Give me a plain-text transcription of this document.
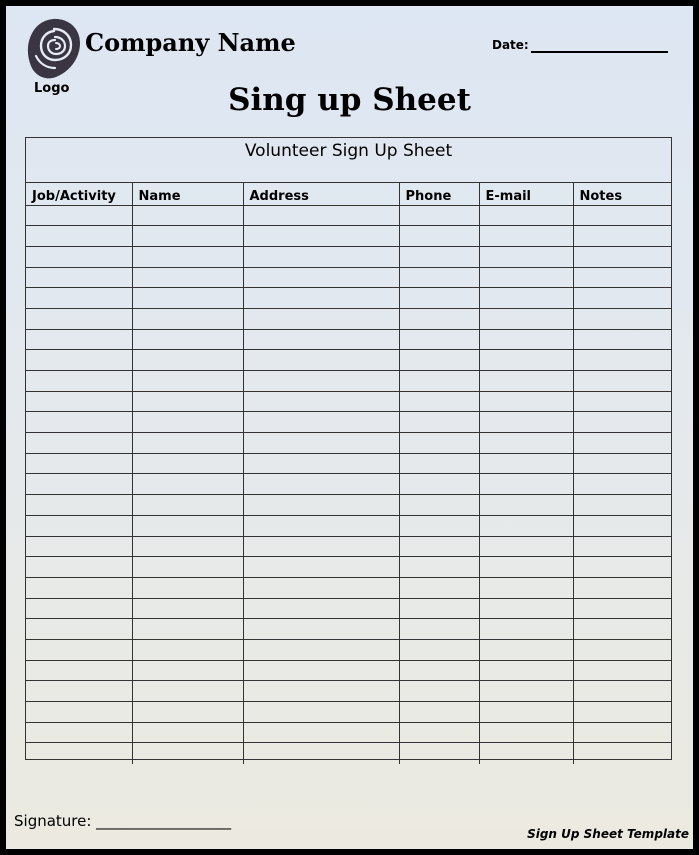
Logo
Company Name	Date:
Sing up Sheet
Volunteer Sign Up Sheet
Job/Activity	Name	Address	Phone	E-mail	Notes

Signature: __________________
Sign Up Sheet Template
